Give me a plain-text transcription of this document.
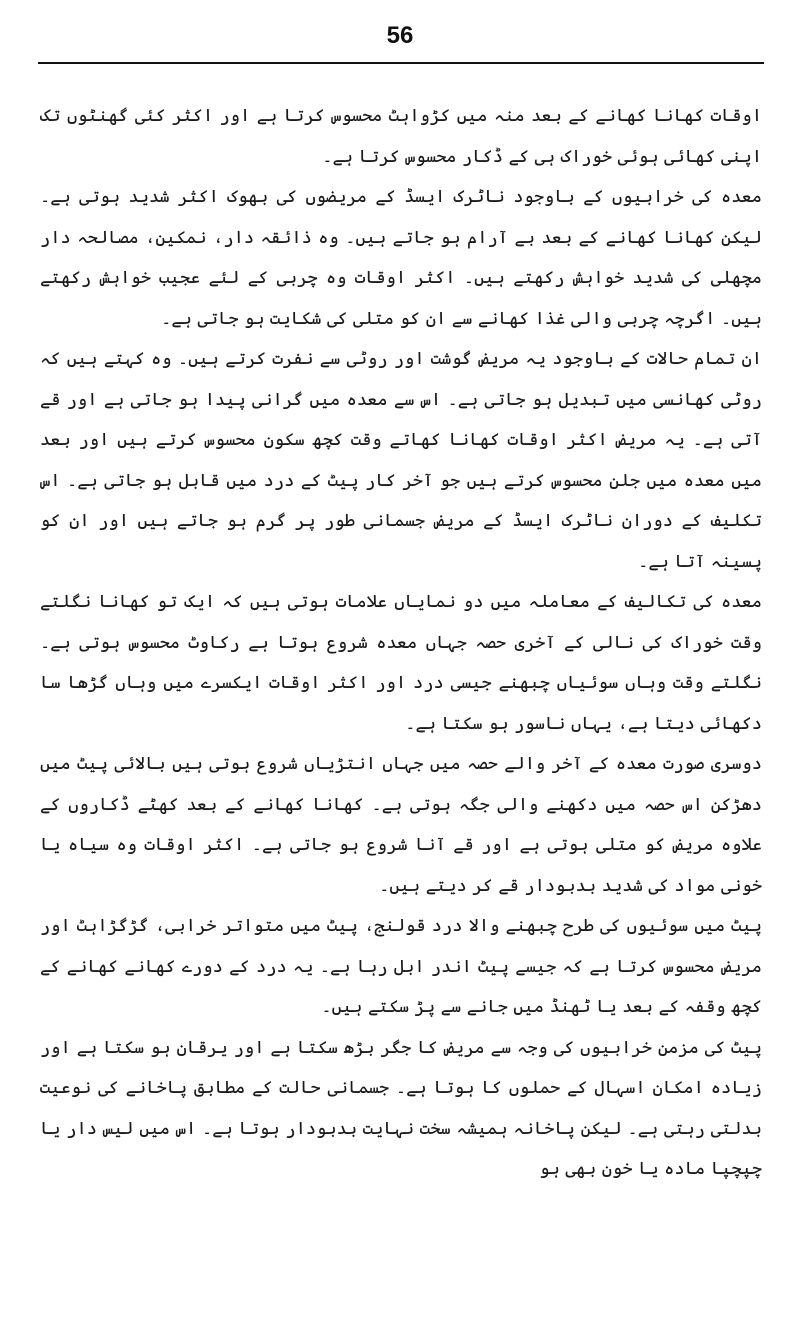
56

اوقات کھانا کھانے کے بعد منہ میں کڑواہٹ محسوس کرتا ہے اور اکثر کئی گھنٹوں تک اپنی کھائی ہوئی خوراک ہی کے ڈکار محسوس کرتا ہے۔

معدہ کی خرابیوں کے باوجود ناٹرک ایسڈ کے مریضوں کی بھوک اکثر شدید ہوتی ہے۔ لیکن کھانا کھانے کے بعد بے آرام ہو جاتے ہیں۔ وہ ذائقہ دار، نمکین، مصالحہ دار مچھلی کی شدید خواہش رکھتے ہیں۔ اکثر اوقات وہ چربی کے لئے عجیب خواہش رکھتے ہیں۔ اگرچہ چربی والی غذا کھانے سے ان کو متلی کی شکایت ہو جاتی ہے۔

ان تمام حالات کے باوجود یہ مریض گوشت اور روٹی سے نفرت کرتے ہیں۔ وہ کہتے ہیں کہ روٹی کھانسی میں تبدیل ہو جاتی ہے۔ اس سے معدہ میں گرانی پیدا ہو جاتی ہے اور قے آتی ہے۔ یہ مریض اکثر اوقات کھانا کھاتے وقت کچھ سکون محسوس کرتے ہیں اور بعد میں معدہ میں جلن محسوس کرتے ہیں جو آخر کار پیٹ کے درد میں قابل ہو جاتی ہے۔ اس تکلیف کے دوران ناٹرک ایسڈ کے مریض جسمانی طور پر گرم ہو جاتے ہیں اور ان کو پسینہ آتا ہے۔

معدہ کی تکالیف کے معاملہ میں دو نمایاں علامات ہوتی ہیں کہ ایک تو کھانا نگلتے وقت خوراک کی نالی کے آخری حصہ جہاں معدہ شروع ہوتا ہے رکاوٹ محسوس ہوتی ہے۔ نگلتے وقت وہاں سوئیاں چبھنے جیسی درد اور اکثر اوقات ایکسرے میں وہاں گڑھا سا دکھائی دیتا ہے، یہاں ناسور ہو سکتا ہے۔

دوسری صورت معدہ کے آخر والے حصہ میں جہاں انتڑیاں شروع ہوتی ہیں بالائی پیٹ میں دھڑکن اس حصہ میں دکھنے والی جگہ ہوتی ہے۔ کھانا کھانے کے بعد کھٹے ڈکاروں کے علاوہ مریض کو متلی ہوتی ہے اور قے آنا شروع ہو جاتی ہے۔ اکثر اوقات وہ سیاہ یا خونی مواد کی شدید بدبودار قے کر دیتے ہیں۔

پیٹ میں سوئیوں کی طرح چبھنے والا درد قولنج، پیٹ میں متواتر خرابی، گڑگڑاہٹ اور مریض محسوس کرتا ہے کہ جیسے پیٹ اندر ابل رہا ہے۔ یہ درد کے دورے کھانے کھانے کے کچھ وقفہ کے بعد یا ٹھنڈ میں جانے سے پڑ سکتے ہیں۔

پیٹ کی مزمن خرابیوں کی وجہ سے مریض کا جگر بڑھ سکتا ہے اور یرقان ہو سکتا ہے اور زیادہ امکان اسہال کے حملوں کا ہوتا ہے۔ جسمانی حالت کے مطابق پاخانے کی نوعیت بدلتی رہتی ہے۔ لیکن پاخانہ ہمیشہ سخت نہایت بدبودار ہوتا ہے۔ اس میں لیس دار یا چپچپا مادہ یا خون بھی ہو
